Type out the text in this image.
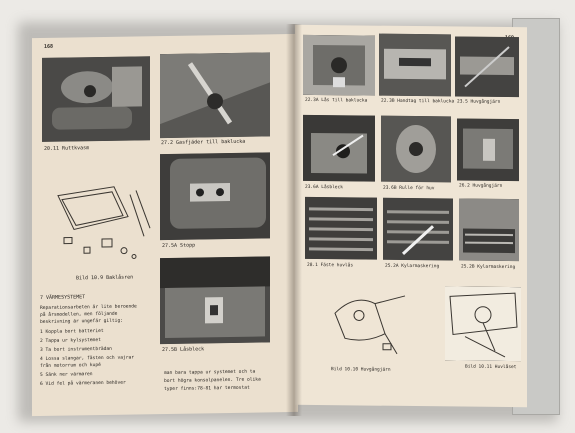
168
20.11 Ruttkvasm
27.2 Gasfjäder till baklucka
27.5A Stopp
27.5B Låsbleck
Bild 10.9 Baklåsren
7 VÄRMESYSTEMET
Reparationsarbeten är lite beroende
på årsmodellen, men följande
beskrivning är ungefär giltig:
1 Koppla bort batteriet
2 Tappa ur kylsystemet
3 Ta bort instrumentbrädan
4 Lossa slangar, fästen och vajrar
från motorrum och kupé
5 Sänk ner värmaren
6 Vid fel på värmeranen behöver
man bara tappa ur systemet och ta
bort högra konsolpanelen. Tre olika
typer finns:78-81 har termostat
22.3A Lås till baklucka	22.3B Handtag till baklucka 23.5 Huvgångjärn
23.6A Låsbleck	23.6B Rulle för huv	26.2 Huvgångjärn
28.1 Fäste huvlås	25.2A Kylarmaskering	25.2B Kylarmaskering
Bild 10.10 Huvgångjärn	Bild 10.11 Huvlåset
